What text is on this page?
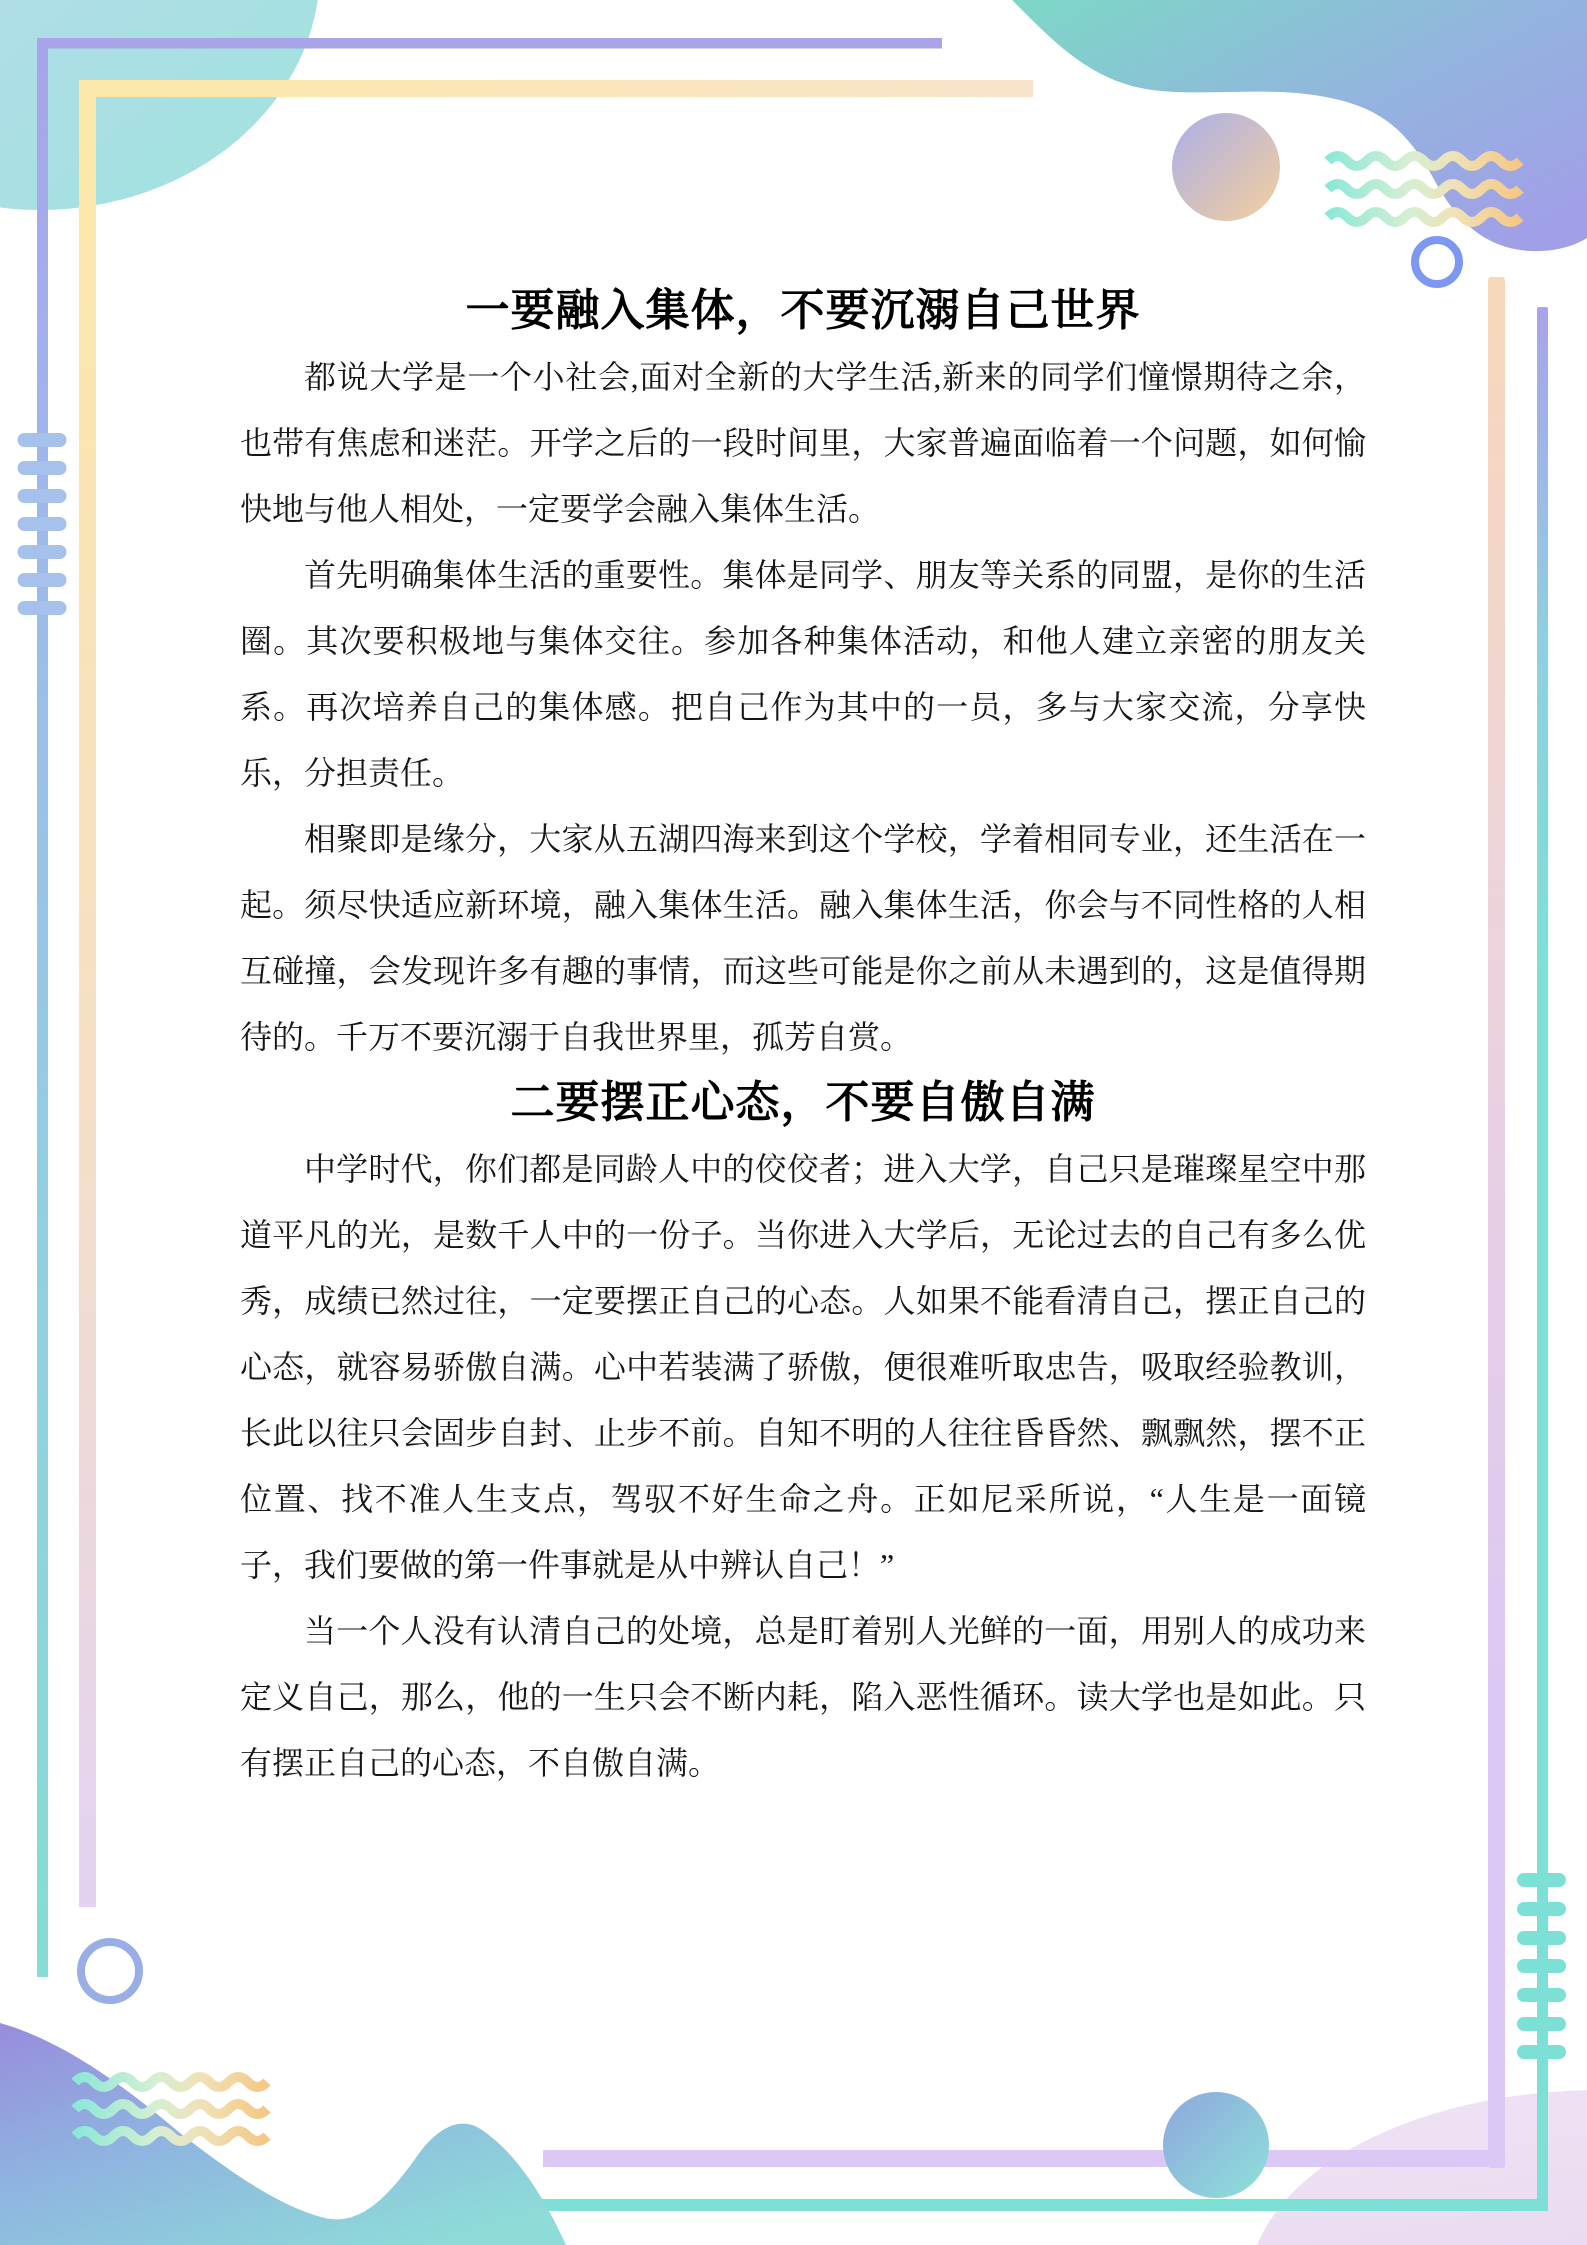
一要融入集体，不要沉溺自己世界

都说大学是一个小社会,面对全新的大学生活,新来的同学们憧憬期待之余，也带有焦虑和迷茫。开学之后的一段时间里，大家普遍面临着一个问题，如何愉快地与他人相处，一定要学会融入集体生活。

首先明确集体生活的重要性。集体是同学、朋友等关系的同盟，是你的生活圈。其次要积极地与集体交往。参加各种集体活动，和他人建立亲密的朋友关系。再次培养自己的集体感。把自己作为其中的一员，多与大家交流，分享快乐，分担责任。

相聚即是缘分，大家从五湖四海来到这个学校，学着相同专业，还生活在一起。须尽快适应新环境，融入集体生活。融入集体生活，你会与不同性格的人相互碰撞，会发现许多有趣的事情，而这些可能是你之前从未遇到的，这是值得期待的。千万不要沉溺于自我世界里，孤芳自赏。

二要摆正心态，不要自傲自满

中学时代，你们都是同龄人中的佼佼者；进入大学，自己只是璀璨星空中那道平凡的光，是数千人中的一份子。当你进入大学后，无论过去的自己有多么优秀，成绩已然过往，一定要摆正自己的心态。人如果不能看清自己，摆正自己的心态，就容易骄傲自满。心中若装满了骄傲，便很难听取忠告，吸取经验教训，长此以往只会固步自封、止步不前。自知不明的人往往昏昏然、飘飘然，摆不正位置、找不准人生支点，驾驭不好生命之舟。正如尼采所说，“人生是一面镜子，我们要做的第一件事就是从中辨认自己！”

当一个人没有认清自己的处境，总是盯着别人光鲜的一面，用别人的成功来定义自己，那么，他的一生只会不断内耗，陷入恶性循环。读大学也是如此。只有摆正自己的心态，不自傲自满。
